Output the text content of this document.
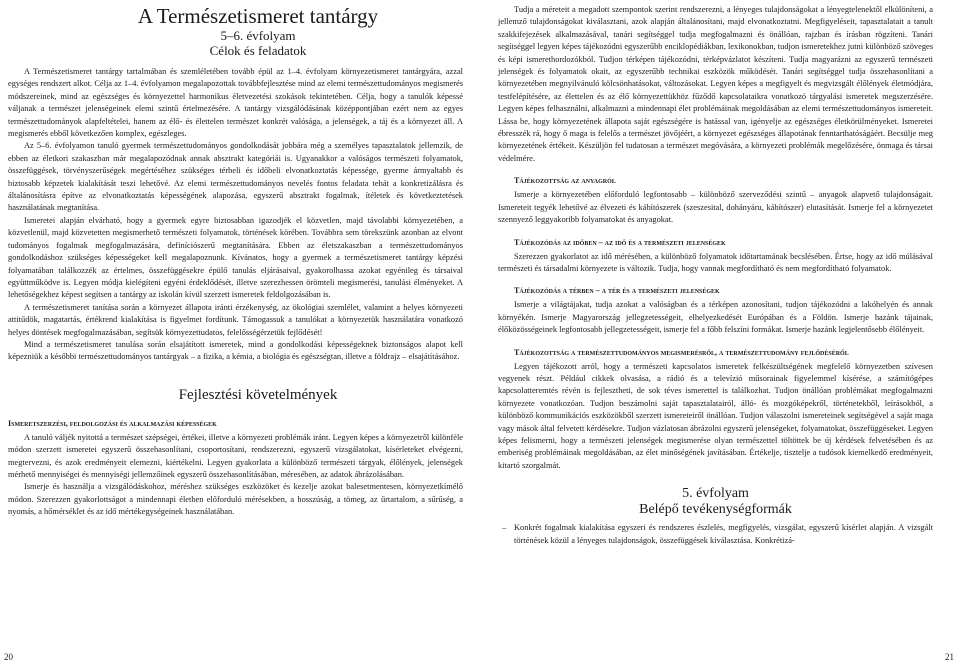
A Természetismeret tantárgy
5–6. évfolyam
Célok és feladatok

A Természetismeret tantárgy tartalmában és szemléletében tovább épül az 1–4. évfolyam környezetismeret tantárgyára, azzal egységes rendszert alkot. Célja az 1–4. évfolyamon megalapozottak továbbfejlesztése mind az elemi természettudományos megismerés módszereinek, mind az egészséges és környezettel harmonikus életvezetési szokások tekintetében. Célja, hogy a tanulók képessé váljanak a természet jelenségeinek elemi szintű értelmezésére. A tantárgy vizsgálódásának középpontjában ezért nem az egyes természettudományok alapfeltételei, hanem az élő- és élettelen természet konkrét valósága, a jelenségek, a táj és a környezet áll. A megismerés ebből következően komplex, egészleges.

Az 5–6. évfolyamon tanuló gyermek természettudományos gondolkodását jobbára még a személyes tapasztalatok jellemzik, de ebben az életkori szakaszban már megalapozódnak annak absztrakt kategóriái is. Ugyanakkor a valóságos természeti folyamatok, összefüggések, törvényszerűségek megértéséhez szükséges térbeli és időbeli elvonatkoztatás képessége, gyerme ármyaltabb és biztosabb képzetek kialakítását teszi lehetővé. Az elemi természettudományos nevelés fontos feladata tehát a konkretizálásra és általánosításra építve az elvonatkoztatás képességének alapozása, egyszerű absztrakt fogalmak, ítéletek és következtetések használatának megtanítása.

Ismeretei alapján elvárható, hogy a gyermek egyre biztosabban igazodjék el közvetlen, majd távolabbi környezetében, a közvetlenül, majd közvetetten megismerhető természeti folyamatok, történések körében. Továbbra sem törekszünk azonban az elvont tudományos fogalmak megfogalmazására, definíciószerű megtanítására. Ebben az életszakaszban a természettudományos gondolkodáshoz szükséges képességeket kell megalapoznunk. Kívánatos, hogy a gyermek a természetismeret tantárgy képzési folyamatában találkozzék az értelmes, összefüggésekre épülő tanulás eljárásaival, gyakorolhassa azokat egyénileg és társaival együttműködve is. Legyen módja kielégíteni egyéni érdeklődését, illetve szerezhessen örömteli megismerési, tanulási élményeket. A lehetőségekhez képest segítsen a tantárgy az iskolán kívül szerzett ismeretek feldolgozásában is.

A természetismeret tanítása során a környezet állapota iránti érzékenység, az ökológiai szemlélet, valamint a helyes környezeti attitűdök, magatartás, értékrend kialakítása is figyelmet fordítunk. Támogassuk a tanulókat a környezetük használatára vonatkozó helyes döntések megfogalmazásában, segítsük környezettudatos, felelősségérzetük fejlődését!

Mind a természetismeret tanulása során elsajátított ismeretek, mind a gondolkodási képességeknek biztonságos alapot kell képezniük a későbbi természettudományos tantárgyak – a fizika, a kémia, a biológia és egészségtan, illetve a földrajz – elsajátításához.

Fejlesztési követelmények
Ismeretszerzési, feldolgozási és alkalmazási képességek

A tanuló váljék nyitottá a természet szépségei, értékei, illetve a környezeti problémák iránt. Legyen képes a környezetről különféle módon szerzett ismeretei egyszerű összehasonlítani, csoportosítani, rendszerezni, egyszerű vizsgálatokat, kísérleteket elvégezni, megtervezni, és azok eredményeit elemezni, kiértékelni. Legyen gyakorlata a különböző természeti tárgyak, élőlények, jelenségek mérhető mennyiségei és mennyiségi jellemzőinek egyszerű összehasonlításában, méresében, az adatok ábrázolásában.

Ismerje és használja a vizsgálódáskohoz, méréshez szükséges eszközöket és kezelje azokat balesetmentesen, környezetkímélő módon. Szerezzen gyakorlottságot a mindennapi életben előforduló mérésekben, a hosszúság, a tömeg, az űrtartalom, a sűrűség, a nyomás, a hőmérséklet és az idő mértékegységeinek használatában.

20

Tudja a méreteit a megadott szempontok szerint rendszerezni, a lényeges tulajdonságokat a lényegtelenektől elkülöníteni, a jellemző tulajdonságokat kiválasztani, azok alapján általánosítani, majd elvonatkoztatni. Megfigyeléseit, tapasztalatait a tanult szakkifejezések alkalmazásával, tanári segítséggel tudja megfogalmazni és önállóan, rajzban és írásban rögzíteni. Tanári segítséggel legyen képes tájékozódni egyszerűbb enciklopédiákban, lexikonokban, tudjon ismeretekhez jutni különböző szöveges és képi ismerethordozókból. Tudjon térképen tájékozódni, térképvázlatot készíteni. Tudja magyarázni az egyszerű természeti jelenségek és folyamatok okait, az egyszerűbb technikai eszközök működését. Tanári segítséggel tudja összehasonlítani a környezetében megnyilvánuló kölcsönhatásokat, változásokat. Legyen képes a megfigyelt és megvizsgált élőlények életmódjára, testfelépítésére, az élettelen és az élő környezettükhöz fűződő kapcsolataikra vonatkozó tárgyalási ismeretek megszerzésére. Legyen képes felhasználni, alkalmazni a mindennapi élet problémáinak megoldásában az elemi természettudományos ismereteit. Lássa be, hogy környezetének állapota saját egészségére is hatással van, igényelje az egészséges életkörülményeket. Ismeretei ébresszék rá, hogy ő maga is felelős a természet jövőjéért, a környezet egészséges állapotának fenntarthatóságáért. Becsülje meg környezetének értékeit. Készüljön fel tudatosan a természet megóvására, a környezeti problémák megelőzésére, önmaga és társai védelmére.

Tájékozottság az anyagról

Ismerje a környezetében előforduló legfontosabb – különböző szerveződési szintű – anyagok alapvető tulajdonságait. Ismereteit tegyék lehetővé az élvezeti és kábítószerek (szeszesital, dohányáru, kábítószer) elutasítását. Ismerje fel a környezetet szennyező leggyakoribb folyamatokat és anyagokat.

Tájékozódás az időben – az idő és a természeti jelenségek

Szerezzen gyakorlatot az idő mérésében, a különböző folyamatok időtartamának becslésében. Értse, hogy az idő múlásával természeti és társadalmi környezete is változik. Tudja, hogy vannak megfordítható és nem megfordítható folyamatok.

Tájékozódás a térben – a tér és a természeti jelenségek

Ismerje a világtájakat, tudja azokat a valóságban és a térképen azonosítani, tudjon tájékozódni a lakóhelyén és annak környékén. Ismerje Magyarország jellegzetességeit, elhelyezkedését Európában és a Földön. Ismerje hazánk tájainak, élőközösségeinek legfontosabb jellegzetességeit, ismerje fel a főbb felszíni formákat. Ismerje hazánk legjelentősebb élőlényeit.

Tájékozottság a természettudományos megismerésről, a természettudomány fejlődéséről

Legyen tájékozott arról, hogy a természeti kapcsolatos ismeretek felkészültségének megfelelő környezetben szívesen vegyenek részt. Például cikkek olvasása, a rádió és a televízió műsorainak figyelemmel kísérése, a számítógépes kapcsolatteremtés révén is fejlesztheti, de sok téves ismerettel is találkozhat. Tudjon önállóan problémákat megfogalmazni környezete vonatkozóan. Tudjon beszámolni saját tapasztalatairól, álló- és mozgóképekről, történetekből, leírásokból, a különböző kommunikációs eszközökből szerzett ismereteiről önállóan. Tudjon válaszolni ismereteinek segítségével a saját maga vagy mások által felvetett kérdésekre. Tudjon vázlatosan ábrázolni egyszerű jelenségeket, folyamatokat, összefüggéseket. Legyen képes felismerni, hogy a természeti jelenségek megismerése olyan természettel töltöttek be új kérdések felvetésében és az emberiség problémáinak megoldásában, az élet minőségének javításában. Értékelje, tisztelje a tudósok kiemelkedő eredményeit, kitartó szorgalmát.

5. évfolyam
Belépő tevékenységformák
– Konkrét fogalmak kialakítása egyszeri és rendszeres észlelés, megfigyelés, vizsgálat, egyszerű kísérlet alapján. A vizsgált történések közül a lényeges tulajdonságok, összefüggések kiválasztása. Konkrétizá-
21
